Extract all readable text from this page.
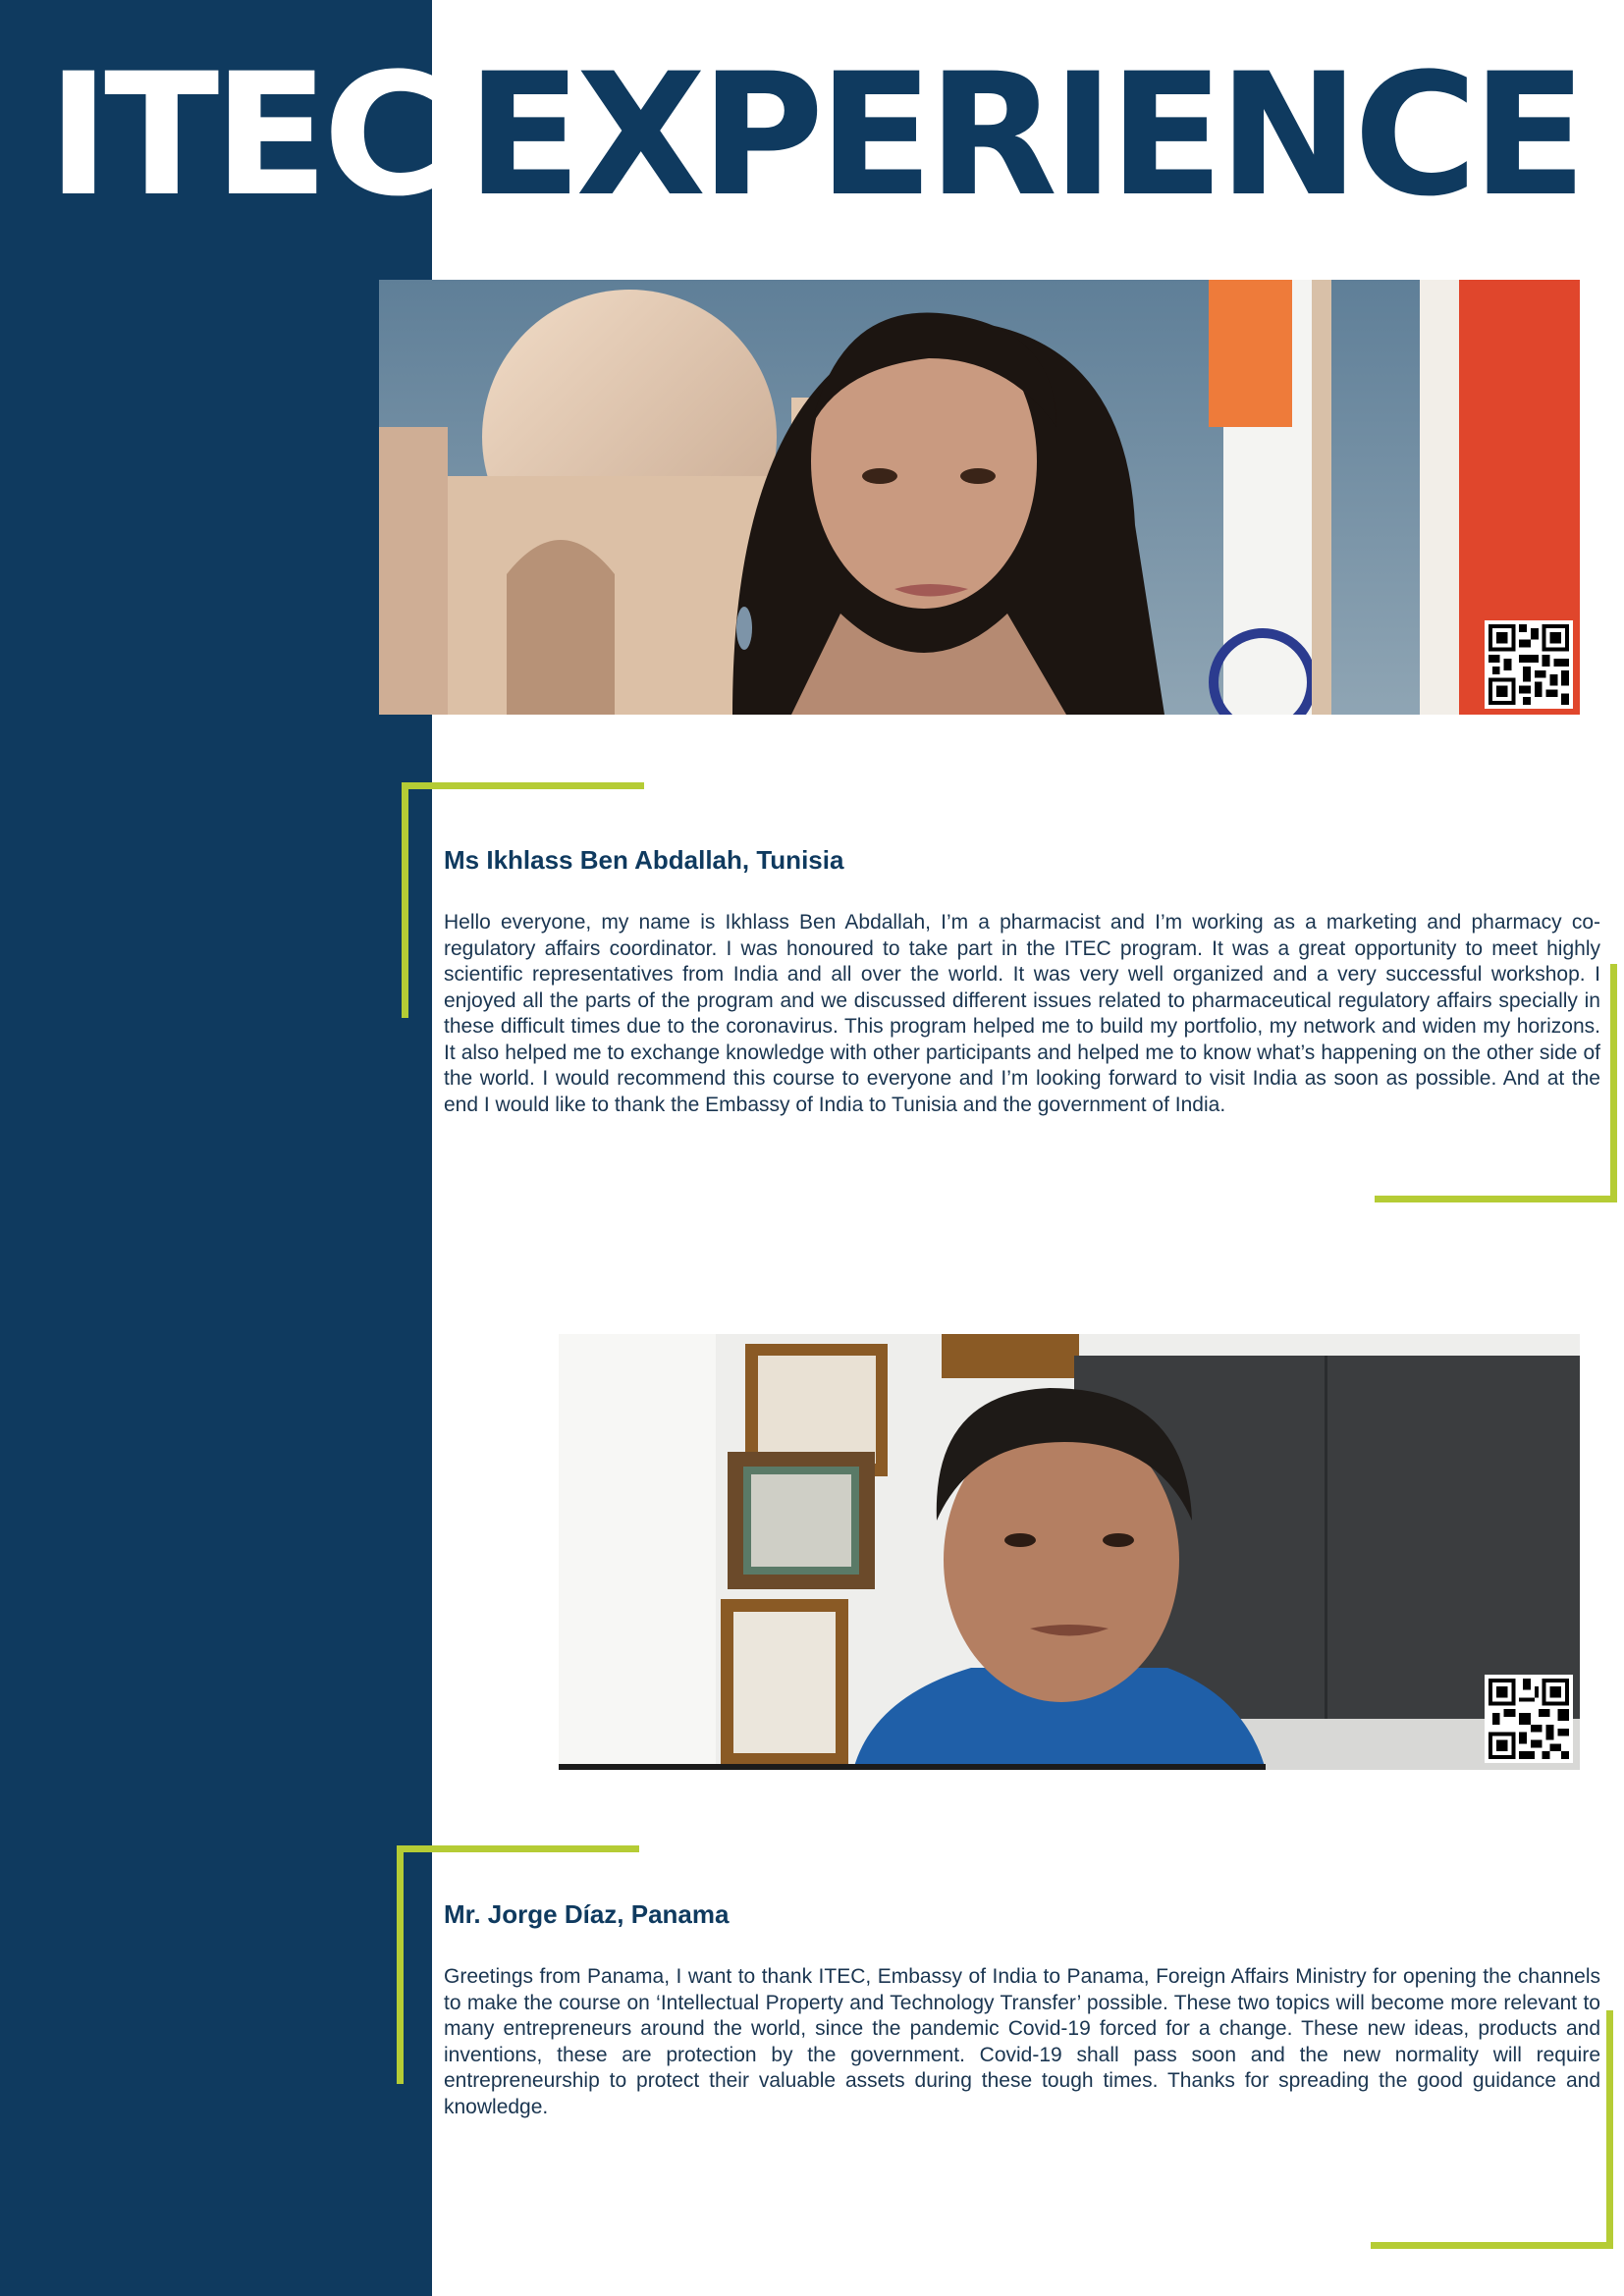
ITEC EXPERIENCE
Ms Ikhlass Ben Abdallah, Tunisia
Hello everyone, my name is Ikhlass Ben Abdallah, I’m a pharmacist and I’m working as a marketing and pharmacy co-regulatory affairs coordinator. I was honoured to take part in the ITEC program. It was a great opportunity to meet highly scientific representatives from India and all over the world. It was very well organized and a very successful workshop. I enjoyed all the parts of the program and we discussed different issues related to pharmaceutical regulatory affairs specially in these difficult times due to the coronavirus. This program helped me to build my portfolio, my network and widen my horizons. It also helped me to exchange knowledge with other participants and helped me to know what’s happening on the other side of the world. I would recommend this course to everyone and I’m looking forward to visit India as soon as possible. And at the end I would like to thank the Embassy of India to Tunisia and the government of India.
Mr. Jorge Díaz, Panama
Greetings from Panama, I want to thank ITEC, Embassy of India to Panama, Foreign Affairs Ministry for opening the channels to make the course on ‘Intellectual Property and Technology Transfer’ possible. These two topics will become more relevant to many entrepreneurs around the world, since the pandemic Covid-19 forced for a change. These new ideas, products and inventions, these are protection by the government. Covid-19 shall pass soon and the new normality will require entrepreneurship to protect their valuable assets during these tough times. Thanks for spreading the good guidance and knowledge.
